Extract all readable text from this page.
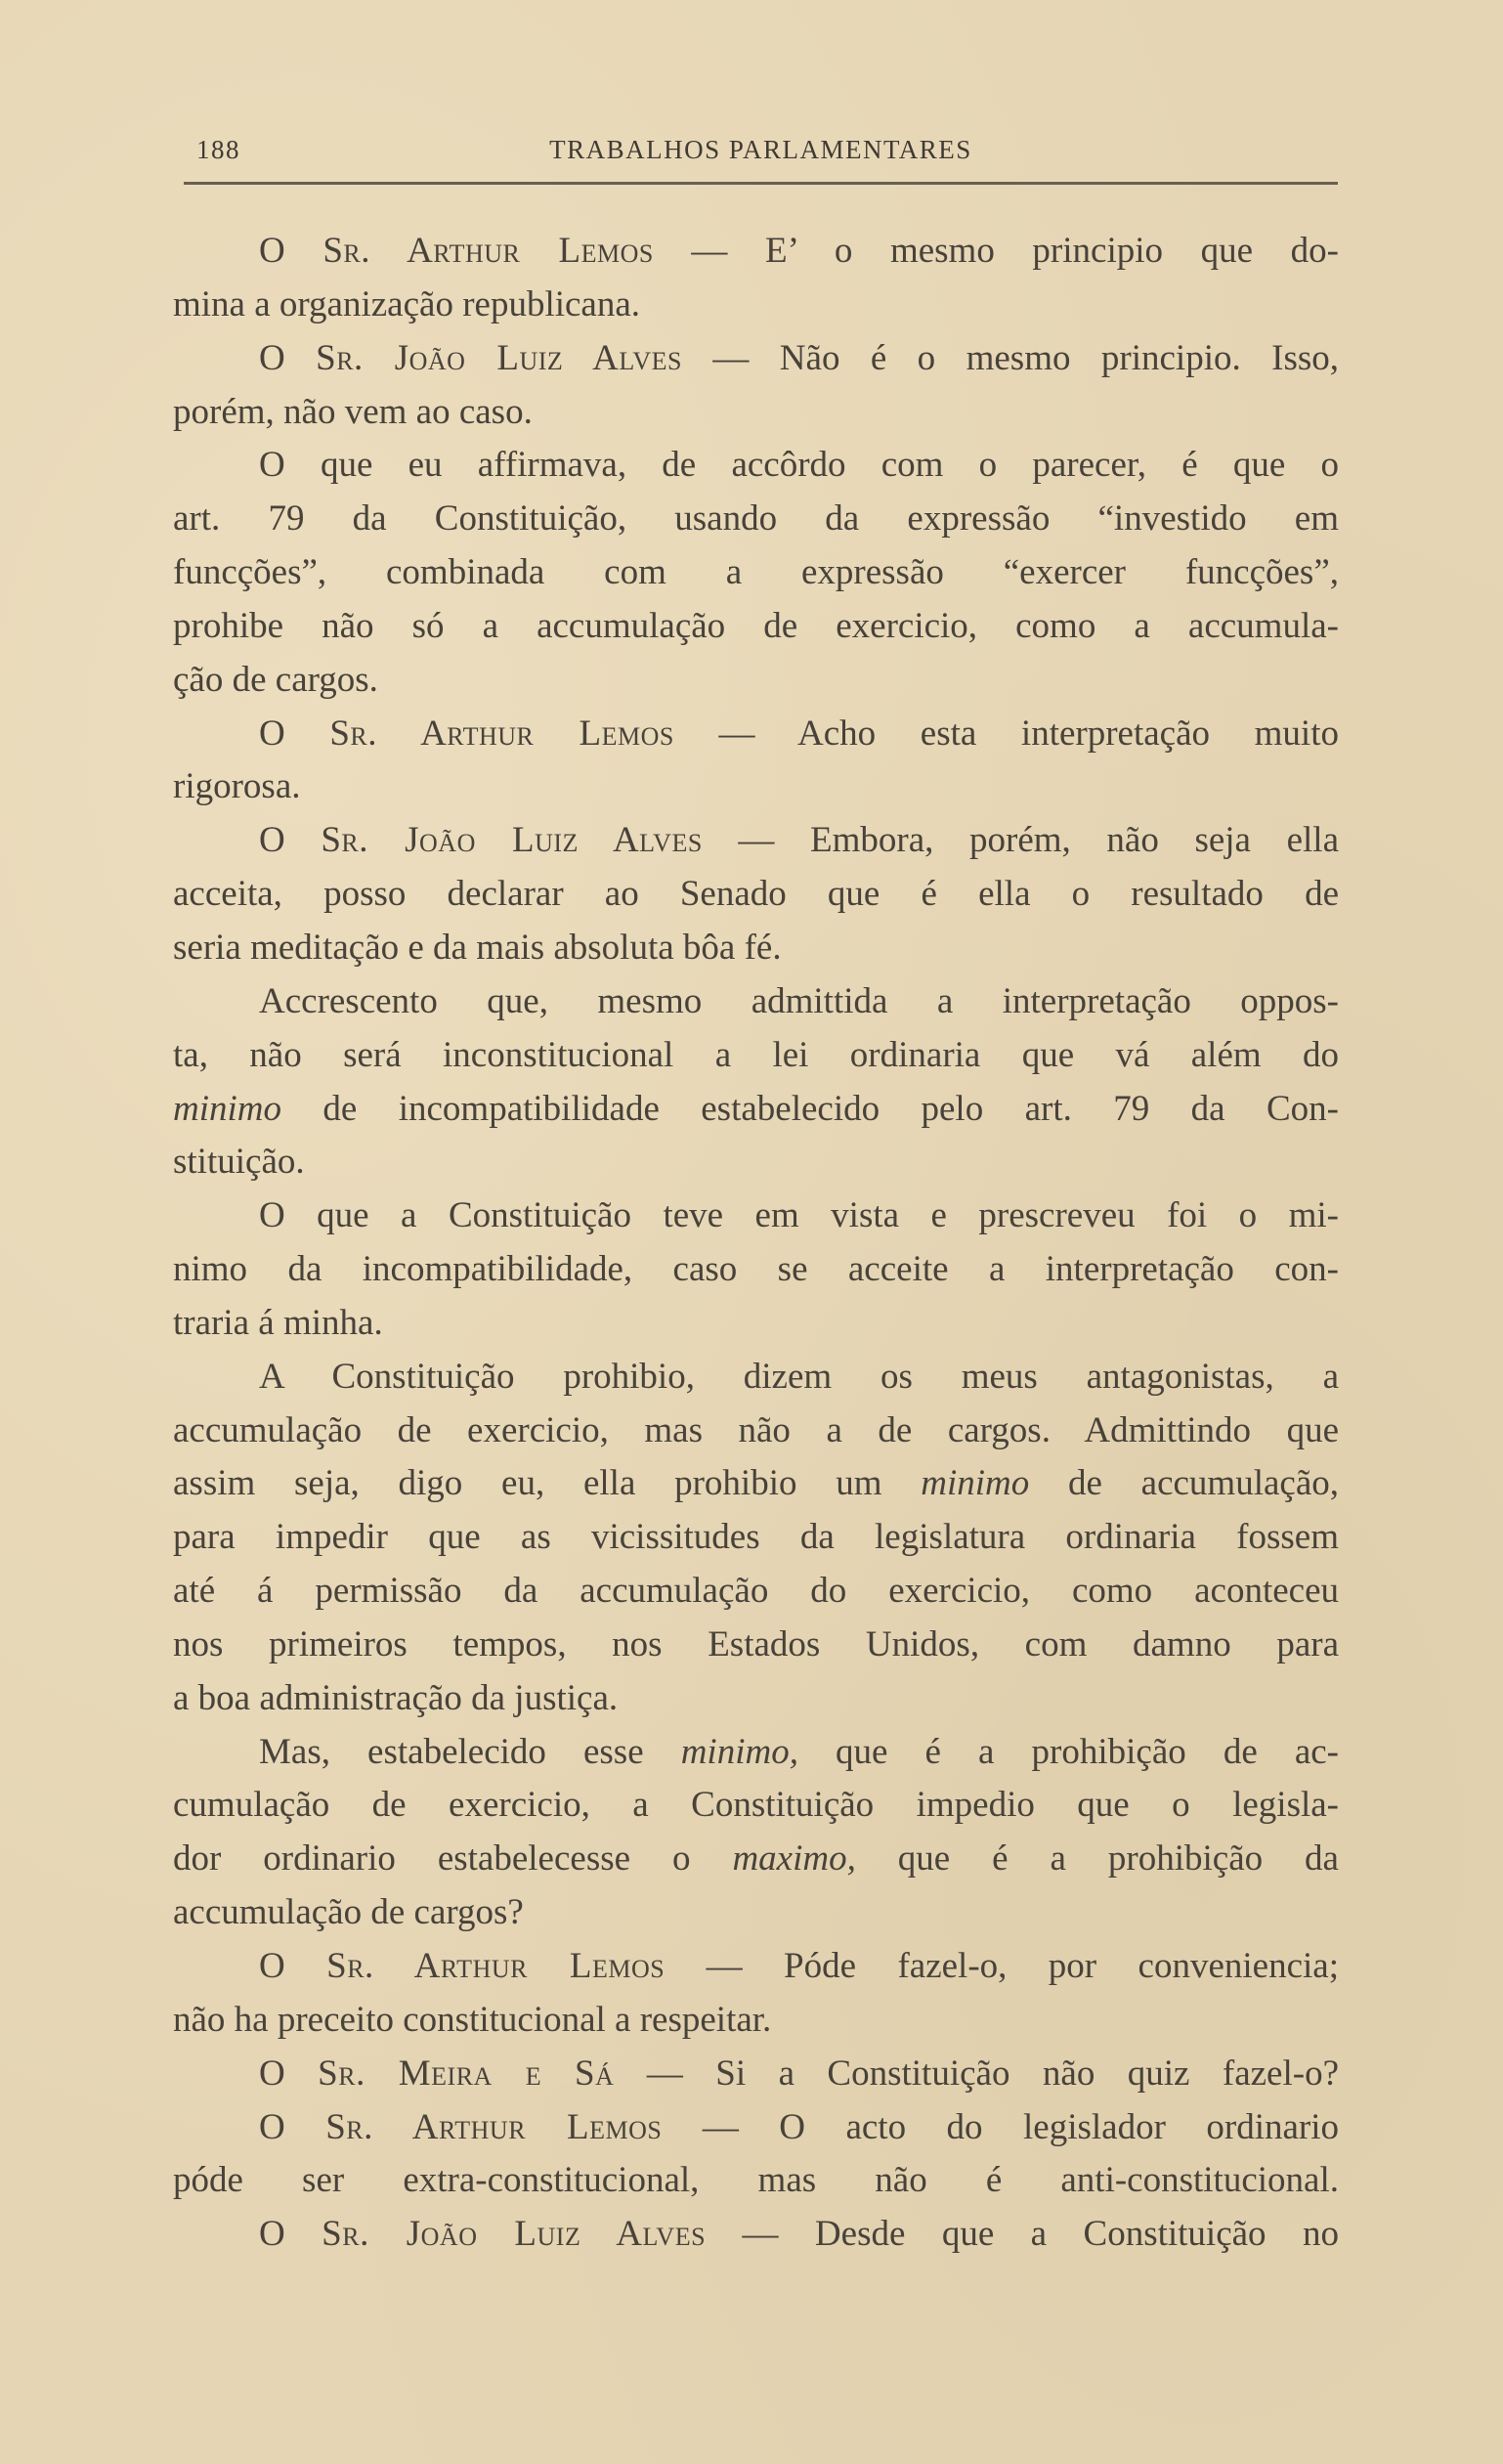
188	TRABALHOS PARLAMENTARES
O Sr. Arthur Lemos — E’ o mesmo principio que do-
mina a organização republicana.
O Sr. João Luiz Alves — Não é o mesmo principio. Isso,
porém, não vem ao caso.
O que eu affirmava, de accôrdo com o parecer, é que o
art. 79 da Constituição, usando da expressão “investido em
funcções”, combinada com a expressão “exercer funcções”,
prohibe não só a accumulação de exercicio, como a accumula-
ção de cargos.
O Sr. Arthur Lemos — Acho esta interpretação muito
rigorosa.
O Sr. João Luiz Alves — Embora, porém, não seja ella
acceita, posso declarar ao Senado que é ella o resultado de
seria meditação e da mais absoluta bôa fé.
Accrescento que, mesmo admittida a interpretação oppos-
ta, não será inconstitucional a lei ordinaria que vá além do
minimo de incompatibilidade estabelecido pelo art. 79 da Con-
stituição.
O que a Constituição teve em vista e prescreveu foi o mi-
nimo da incompatibilidade, caso se acceite a interpretação con-
traria á minha.
A Constituição prohibio, dizem os meus antagonistas, a
accumulação de exercicio, mas não a de cargos. Admittindo que
assim seja, digo eu, ella prohibio um minimo de accumulação,
para impedir que as vicissitudes da legislatura ordinaria fossem
até á permissão da accumulação do exercicio, como aconteceu
nos primeiros tempos, nos Estados Unidos, com damno para
a boa administração da justiça.
Mas, estabelecido esse minimo, que é a prohibição de ac-
cumulação de exercicio, a Constituição impedio que o legisla-
dor ordinario estabelecesse o maximo, que é a prohibição da
accumulação de cargos?
O Sr. Arthur Lemos — Póde fazel-o, por conveniencia;
não ha preceito constitucional a respeitar.
O Sr. Meira e Sá — Si a Constituição não quiz fazel-o?
O Sr. Arthur Lemos — O acto do legislador ordinario
póde ser extra-constitucional, mas não é anti-constitucional.
O Sr. João Luiz Alves — Desde que a Constituição no
